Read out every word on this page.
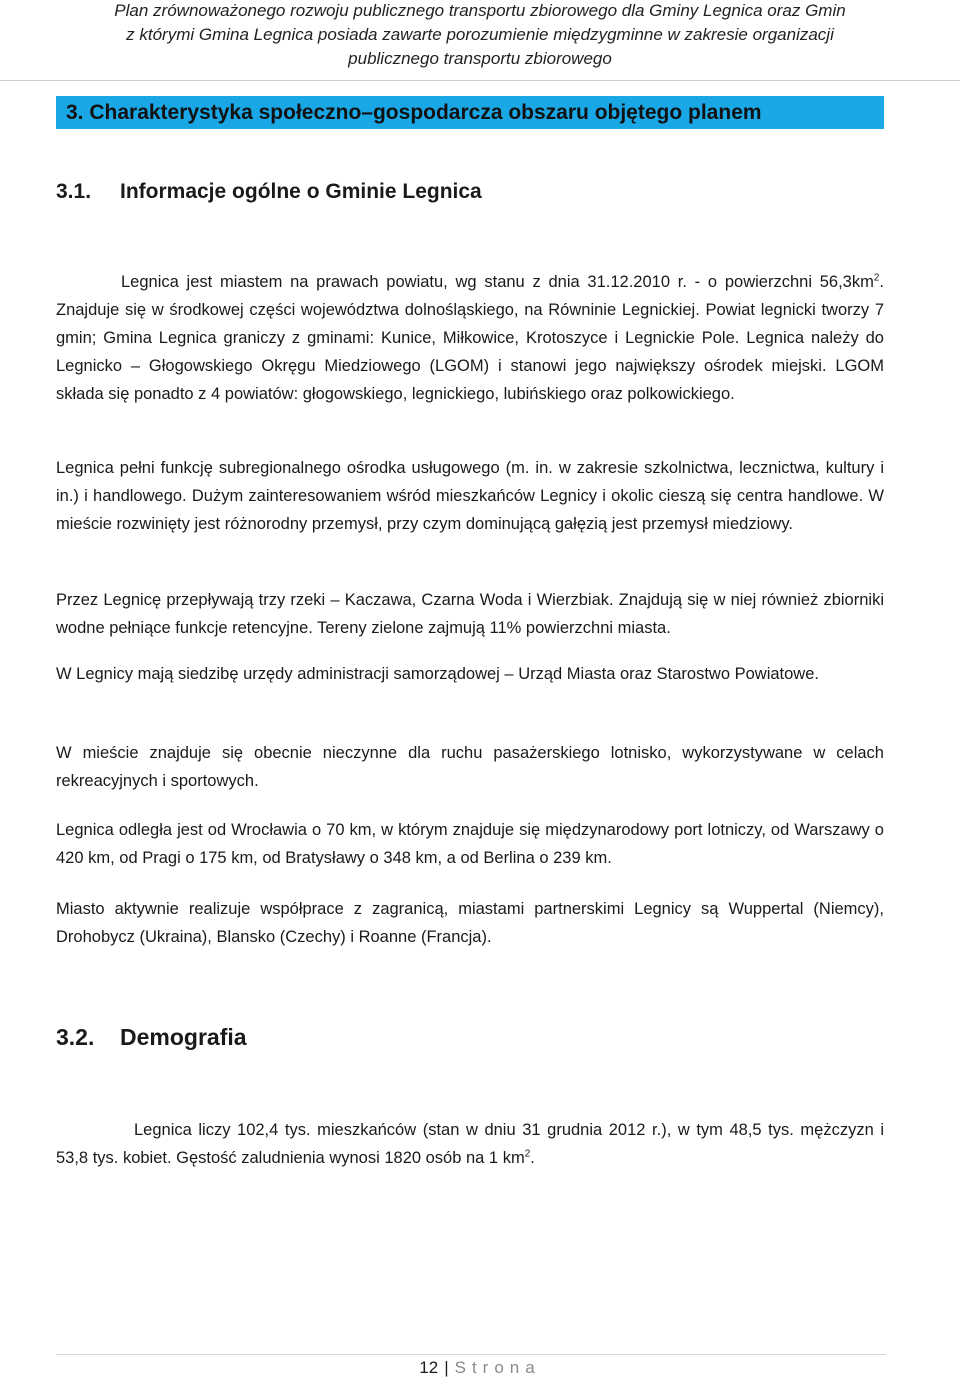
Plan zrównoważonego rozwoju publicznego transportu zbiorowego dla Gminy Legnica oraz Gmin
z którymi Gmina Legnica posiada zawarte porozumienie międzygminne w zakresie organizacji
publicznego transportu zbiorowego
3. Charakterystyka społeczno–gospodarcza obszaru objętego planem
3.1. Informacje ogólne o Gminie Legnica

Legnica jest miastem na prawach powiatu, wg stanu z dnia 31.12.2010 r. - o powierzchni $56,3km^2$. Znajduje się w środkowej części województwa dolnośląskiego, na Równinie Legnickiej. Powiat legnicki tworzy 7 gmin; Gmina Legnica graniczy z gminami: Kunice, Miłkowice, Krotoszyce i Legnickie Pole. Legnica należy do Legnicko – Głogowskiego Okręgu Miedziowego (LGOM) i stanowi jego największy ośrodek miejski. LGOM składa się ponadto z 4 powiatów: głogowskiego, legnickiego, lubińskiego oraz polkowickiego.

Legnica pełni funkcję subregionalnego ośrodka usługowego (m. in. w zakresie szkolnictwa, lecznictwa, kultury i in.) i handlowego. Dużym zainteresowaniem wśród mieszkańców Legnicy i okolic cieszą się centra handlowe. W mieście rozwinięty jest różnorodny przemysł, przy czym dominującą gałęzią jest przemysł miedziowy.

Przez Legnicę przepływają trzy rzeki – Kaczawa, Czarna Woda i Wierzbiak. Znajdują się w niej również zbiorniki wodne pełniące funkcje retencyjne. Tereny zielone zajmują 11% powierzchni miasta.

W Legnicy mają siedzibę urzędy administracji samorządowej – Urząd Miasta oraz Starostwo Powiatowe.

W mieście znajduje się obecnie nieczynne dla ruchu pasażerskiego lotnisko, wykorzystywane w celach rekreacyjnych i sportowych.

Legnica odległa jest od Wrocławia o 70 km, w którym znajduje się międzynarodowy port lotniczy, od Warszawy o 420 km, od Pragi o 175 km, od Bratysławy o 348 km, a od Berlina o 239 km.

Miasto aktywnie realizuje współprace z zagranicą, miastami partnerskimi Legnicy są Wuppertal (Niemcy), Drohobycz (Ukraina), Blansko (Czechy) i Roanne (Francja).

3.2. Demografia

Legnica liczy 102,4 tys. mieszkańców (stan w dniu 31 grudnia 2012 r.), w tym 48,5 tys. mężczyzn i 53,8 tys. kobiet. Gęstość zaludnienia wynosi 1820 osób na 1 $km^2$.

12 | Strona
